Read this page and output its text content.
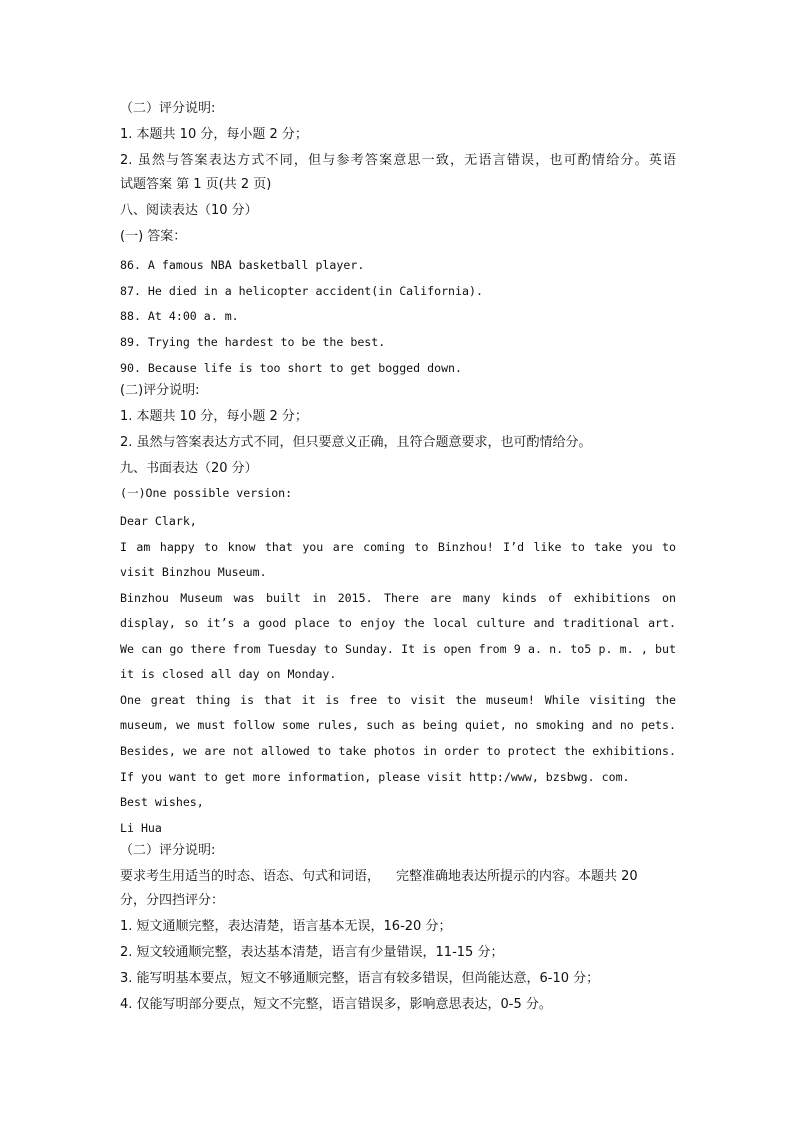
（二）评分说明:

1. 本题共 10 分，每小题 2 分；

2. 虽然与答案表达方式不同，但与参考答案意思一致，无语言错误，也可酌情给分。英语

试题答案 第 1 页(共 2 页)

八、阅读表达（10 分）

(一) 答案：

86. A famous NBA basketball player.

87. He died in a helicopter accident(in California).

88. At 4:00 a. m.

89. Trying the hardest to be the best.

90. Because life is too short to get bogged down.

(二)评分说明:

1. 本题共 10 分，每小题 2 分；

2. 虽然与答案表达方式不同，但只要意义正确，且符合题意要求，也可酌情给分。

九、书面表达（20 分）

(一)One possible version:

Dear Clark,

I am happy to know that you are coming to Binzhou! I’d like to take you to

visit Binzhou Museum.

Binzhou Museum was built in 2015. There are many kinds of exhibitions on

display, so it’s a good place to enjoy the local culture and traditional art.

We can go there from Tuesday to Sunday. It is open from 9 a. n. to5 p. m. , but

it is closed all day on Monday.

One great thing is that it is free to visit the museum! While visiting the

museum, we must follow some rules, such as being quiet, no smoking and no pets.

Besides, we are not allowed to take photos in order to protect the exhibitions.

If you want to get more information, please visit http:/www, bzsbwg. com.

Best wishes,

Li Hua

（二）评分说明:

要求考生用适当的时态、语态、句式和词语， 完整准确地表达所提示的内容。本题共 20

分，分四挡评分：

1. 短文通顺完整，表达清楚，语言基本无误，16-20 分；

2. 短文较通顺完整，表达基本清楚，语言有少量错误，11-15 分；

3. 能写明基本要点，短文不够通顺完整，语言有较多错误，但尚能达意，6-10 分；

4. 仅能写明部分要点，短文不完整，语言错误多，影响意思表达，0-5 分。
